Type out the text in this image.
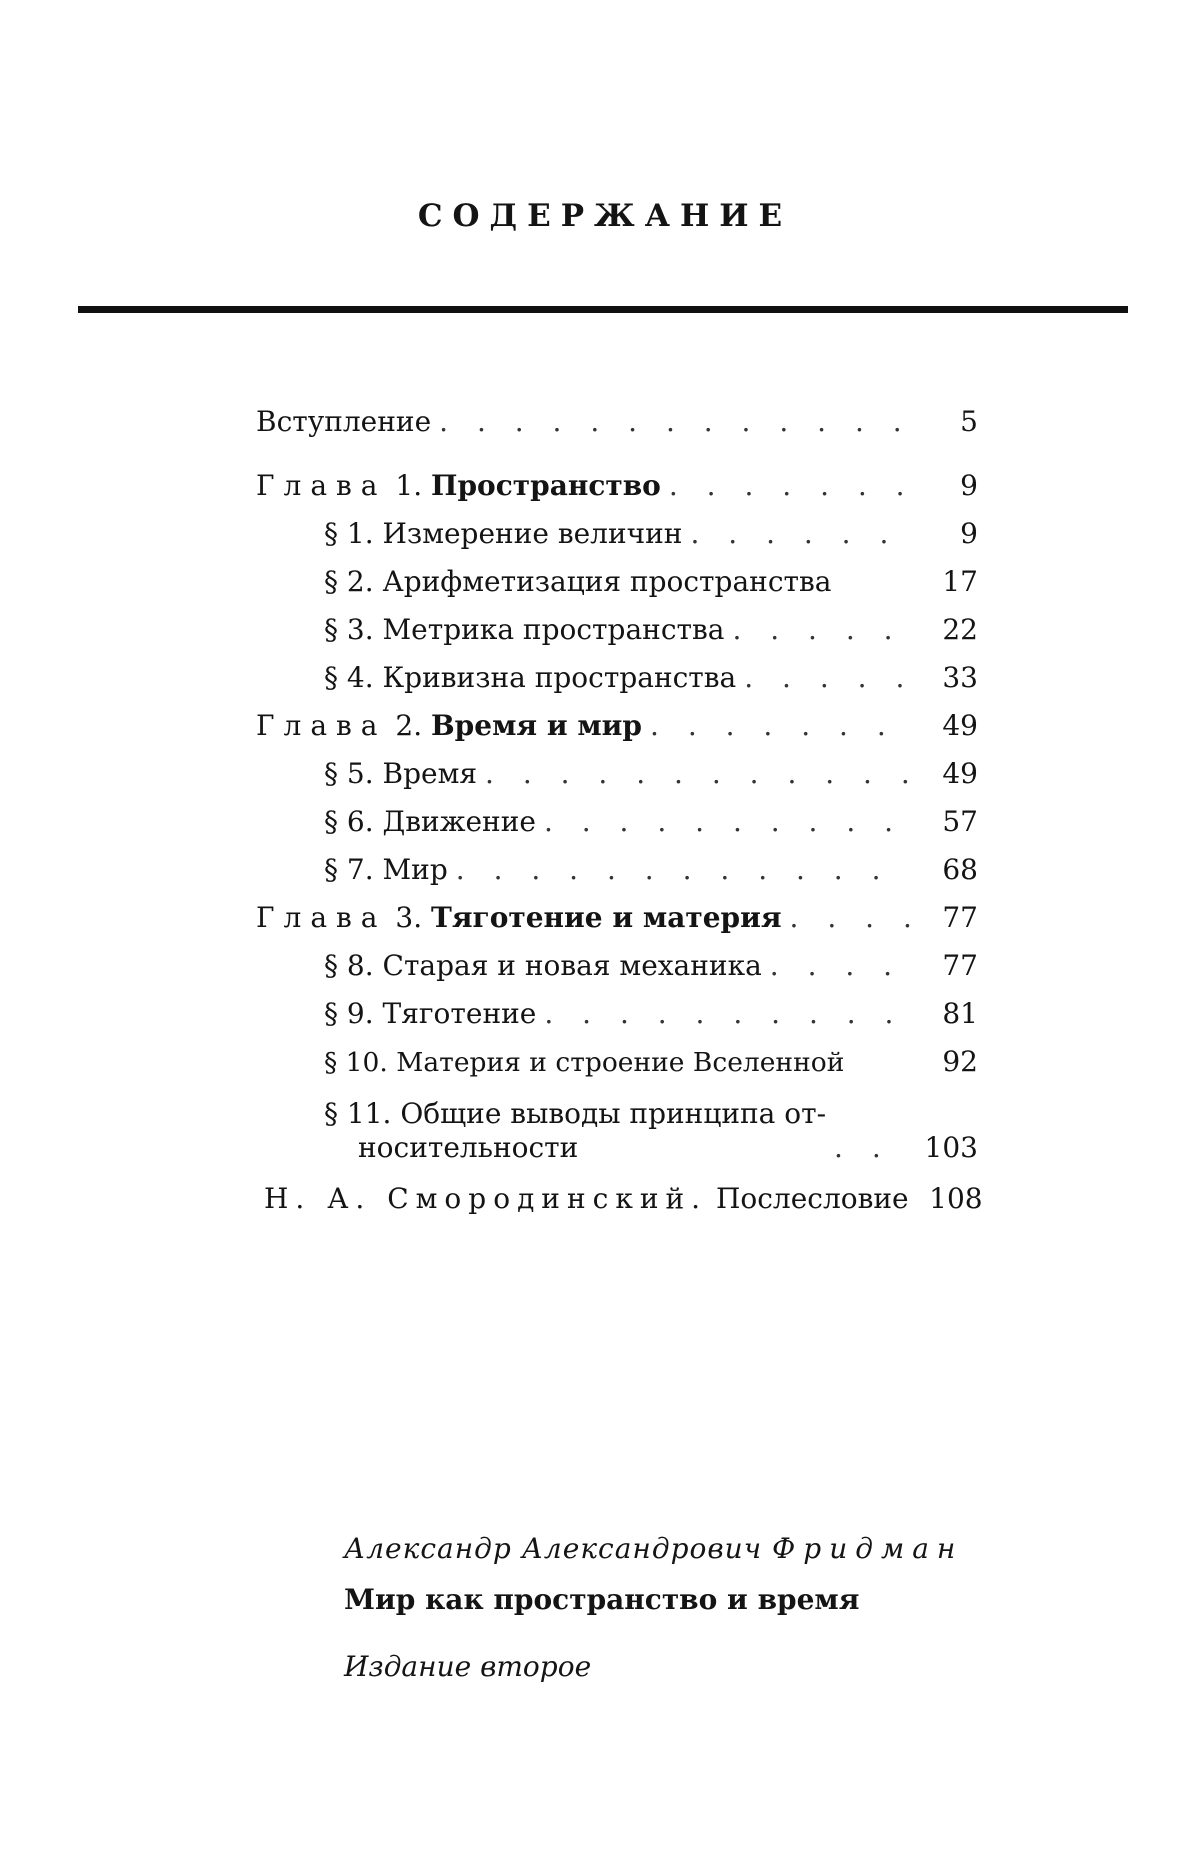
СОДЕРЖАНИЕ
Вступление . . .	5
Глава 1. Пространство . . .	9
§ 1. Измерение величин . . .	9
§ 2. Арифметизация пространства	17
§ 3. Метрика пространства . . .	22
§ 4. Кривизна пространства . . .	33
Глава 2. Время и мир . . .	49
§ 5. Время . . .	49
§ 6. Движение . . .	57
§ 7. Мир . . .	68
Глава 3. Тяготение и материя . . .	77
§ 8. Старая и новая механика . . .	77
§ 9. Тяготение . . .	81
§ 10. Материя и строение Вселенной	92
§ 11. Общие выводы принципа от-
носительности . . .	103
Н. А. Смородинский. Послесловие 108
Александр Александрович Фридман
Мир как пространство и время
Издание второе
